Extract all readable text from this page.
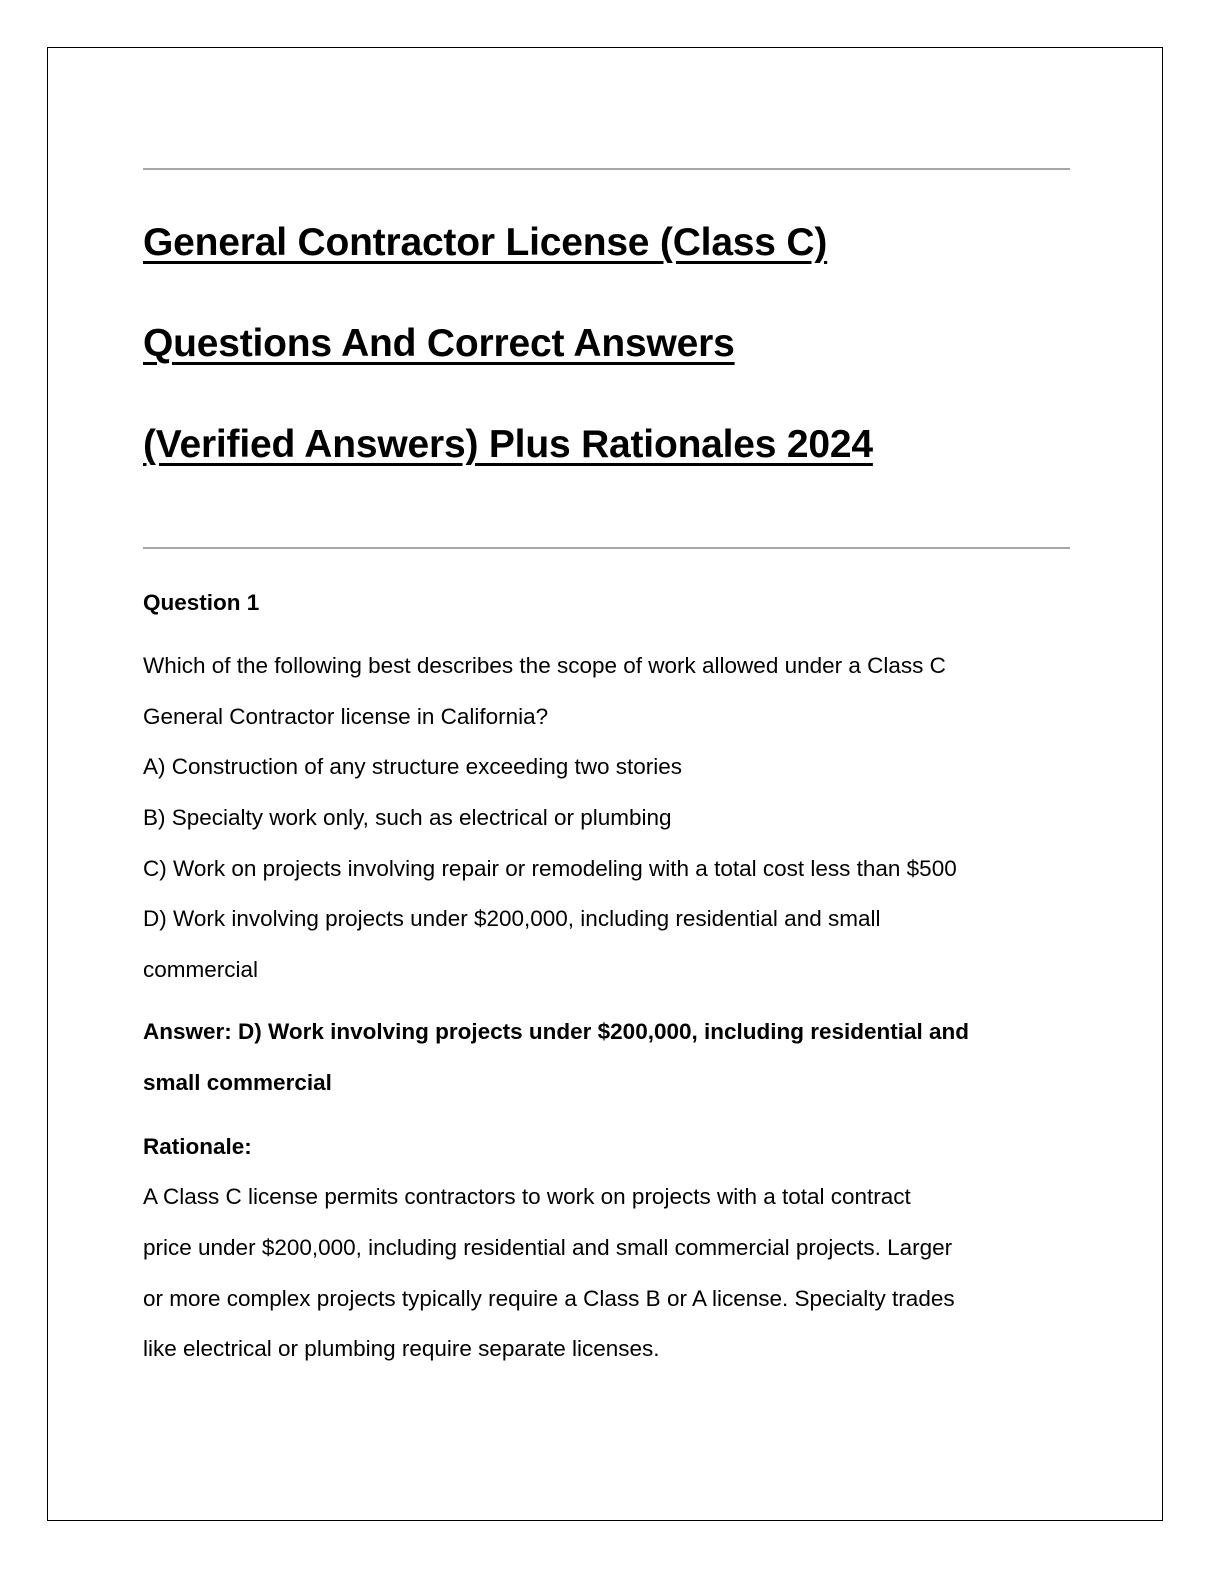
General Contractor License (Class C)
Questions And Correct Answers
(Verified Answers) Plus Rationales 2024
Question 1
Which of the following best describes the scope of work allowed under a Class C
General Contractor license in California?
A) Construction of any structure exceeding two stories
B) Specialty work only, such as electrical or plumbing
C) Work on projects involving repair or remodeling with a total cost less than $500
D) Work involving projects under $200,000, including residential and small
commercial
Answer: D) Work involving projects under $200,000, including residential and
small commercial
Rationale:
A Class C license permits contractors to work on projects with a total contract
price under $200,000, including residential and small commercial projects. Larger
or more complex projects typically require a Class B or A license. Specialty trades
like electrical or plumbing require separate licenses.
